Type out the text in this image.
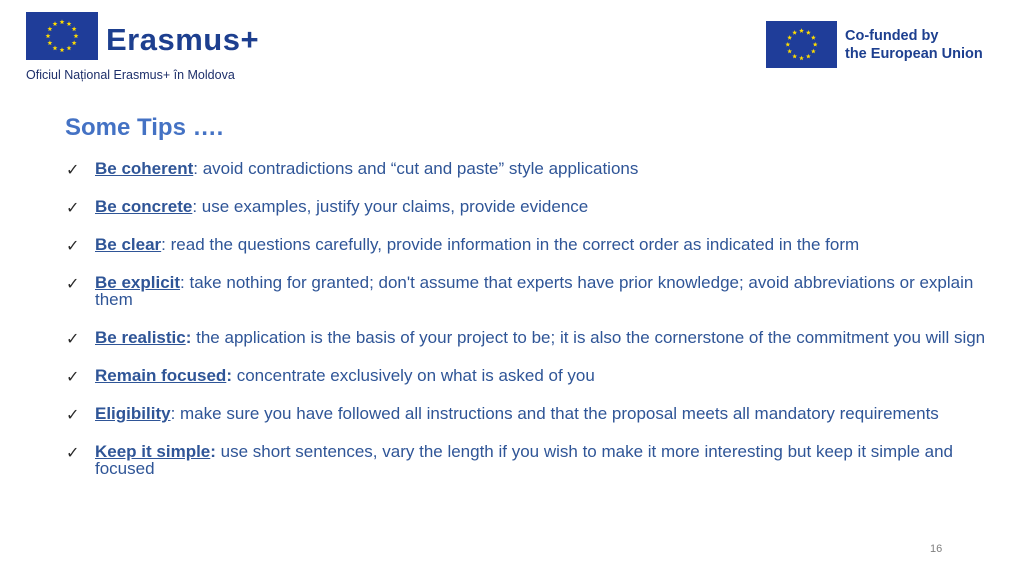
Erasmus+
Oficiul Național Erasmus+ în Moldova
Co-funded by
the European Union
Some Tips ….
✓ Be coherent: avoid contradictions and “cut and paste” style applications
✓ Be concrete: use examples, justify your claims, provide evidence
✓ Be clear: read the questions carefully, provide information in the correct order as indicated in the form
✓ Be explicit: take nothing for granted; don't assume that experts have prior knowledge; avoid abbreviations or explain them
✓ Be realistic: the application is the basis of your project to be; it is also the cornerstone of the commitment you will sign
✓ Remain focused: concentrate exclusively on what is asked of you
✓ Eligibility: make sure you have followed all instructions and that the proposal meets all mandatory requirements
✓ Keep it simple: use short sentences, vary the length if you wish to make it more interesting but keep it simple and focused
16
